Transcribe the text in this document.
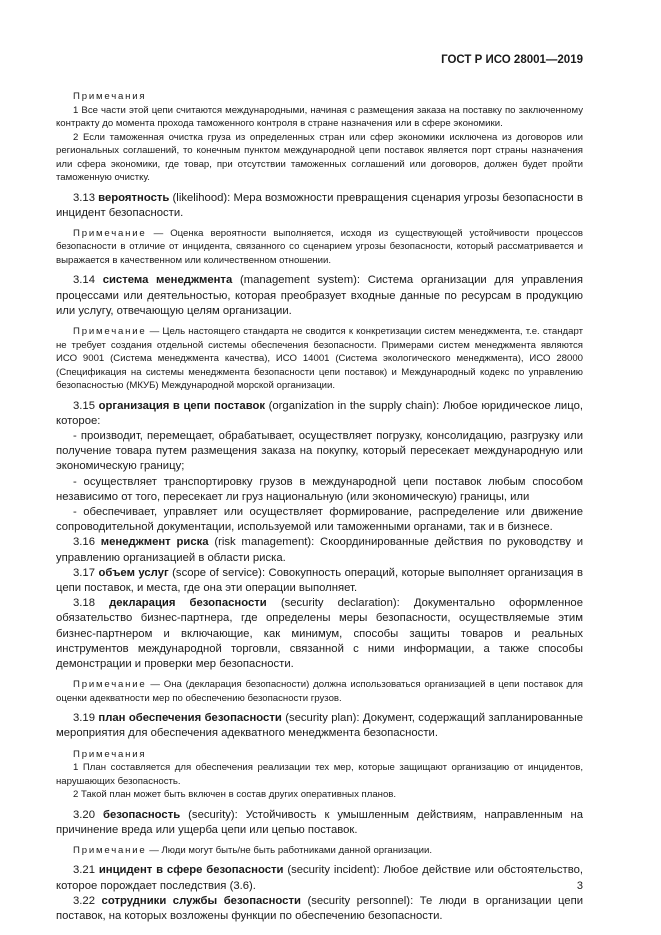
ГОСТ Р ИСО 28001—2019

Примечания

1 Все части этой цепи считаются международными, начиная с размещения заказа на поставку по заключенному контракту до момента прохода таможенного контроля в стране назначения или в сфере экономики.

2 Если таможенная очистка груза из определенных стран или сфер экономики исключена из договоров или региональных соглашений, то конечным пунктом международной цепи поставок является порт страны назначения или сфера экономики, где товар, при отсутствии таможенных соглашений или договоров, должен будет пройти таможенную очистку.

3.13 вероятность (likelihood): Мера возможности превращения сценария угрозы безопасности в инцидент безопасности.

Примечание — Оценка вероятности выполняется, исходя из существующей устойчивости процессов безопасности в отличие от инцидента, связанного со сценарием угрозы безопасности, который рассматривается и выражается в качественном или количественном отношении.

3.14 система менеджмента (management system): Система организации для управления процессами или деятельностью, которая преобразует входные данные по ресурсам в продукцию или услугу, отвечающую целям организации.

Примечание — Цель настоящего стандарта не сводится к конкретизации систем менеджмента, т.е. стандарт не требует создания отдельной системы обеспечения безопасности. Примерами систем менеджмента являются ИСО 9001 (Система менеджмента качества), ИСО 14001 (Система экологического менеджмента), ИСО 28000 (Спецификация на системы менеджмента безопасности цепи поставок) и Международный кодекс по управлению безопасностью (МКУБ) Международной морской организации.

3.15 организация в цепи поставок (organization in the supply chain): Любое юридическое лицо, которое:

- производит, перемещает, обрабатывает, осуществляет погрузку, консолидацию, разгрузку или получение товара путем размещения заказа на покупку, который пересекает международную или экономическую границу;

- осуществляет транспортировку грузов в международной цепи поставок любым способом независимо от того, пересекает ли груз национальную (или экономическую) границы, или

- обеспечивает, управляет или осуществляет формирование, распределение или движение сопроводительной документации, используемой или таможенными органами, так и в бизнесе.

3.16 менеджмент риска (risk management): Скоординированные действия по руководству и управлению организацией в области риска.

3.17 объем услуг (scope of service): Совокупность операций, которые выполняет организация в цепи поставок, и места, где она эти операции выполняет.

3.18 декларация безопасности (security declaration): Документально оформленное обязательство бизнес-партнера, где определены меры безопасности, осуществляемые этим бизнес-партнером и включающие, как минимум, способы защиты товаров и реальных инструментов международной торговли, связанной с ними информации, а также способы демонстрации и проверки мер безопасности.

Примечание — Она (декларация безопасности) должна использоваться организацией в цепи поставок для оценки адекватности мер по обеспечению безопасности грузов.

3.19 план обеспечения безопасности (security plan): Документ, содержащий запланированные мероприятия для обеспечения адекватного менеджмента безопасности.

Примечания

1 План составляется для обеспечения реализации тех мер, которые защищают организацию от инцидентов, нарушающих безопасность.

2 Такой план может быть включен в состав других оперативных планов.

3.20 безопасность (security): Устойчивость к умышленным действиям, направленным на причинение вреда или ущерба цепи или цепью поставок.

Примечание — Люди могут быть/не быть работниками данной организации.

3.21 инцидент в сфере безопасности (security incident): Любое действие или обстоятельство, которое порождает последствия (3.6).

3.22 сотрудники службы безопасности (security personnel): Те люди в организации цепи поставок, на которых возложены функции по обеспечению безопасности.

3
